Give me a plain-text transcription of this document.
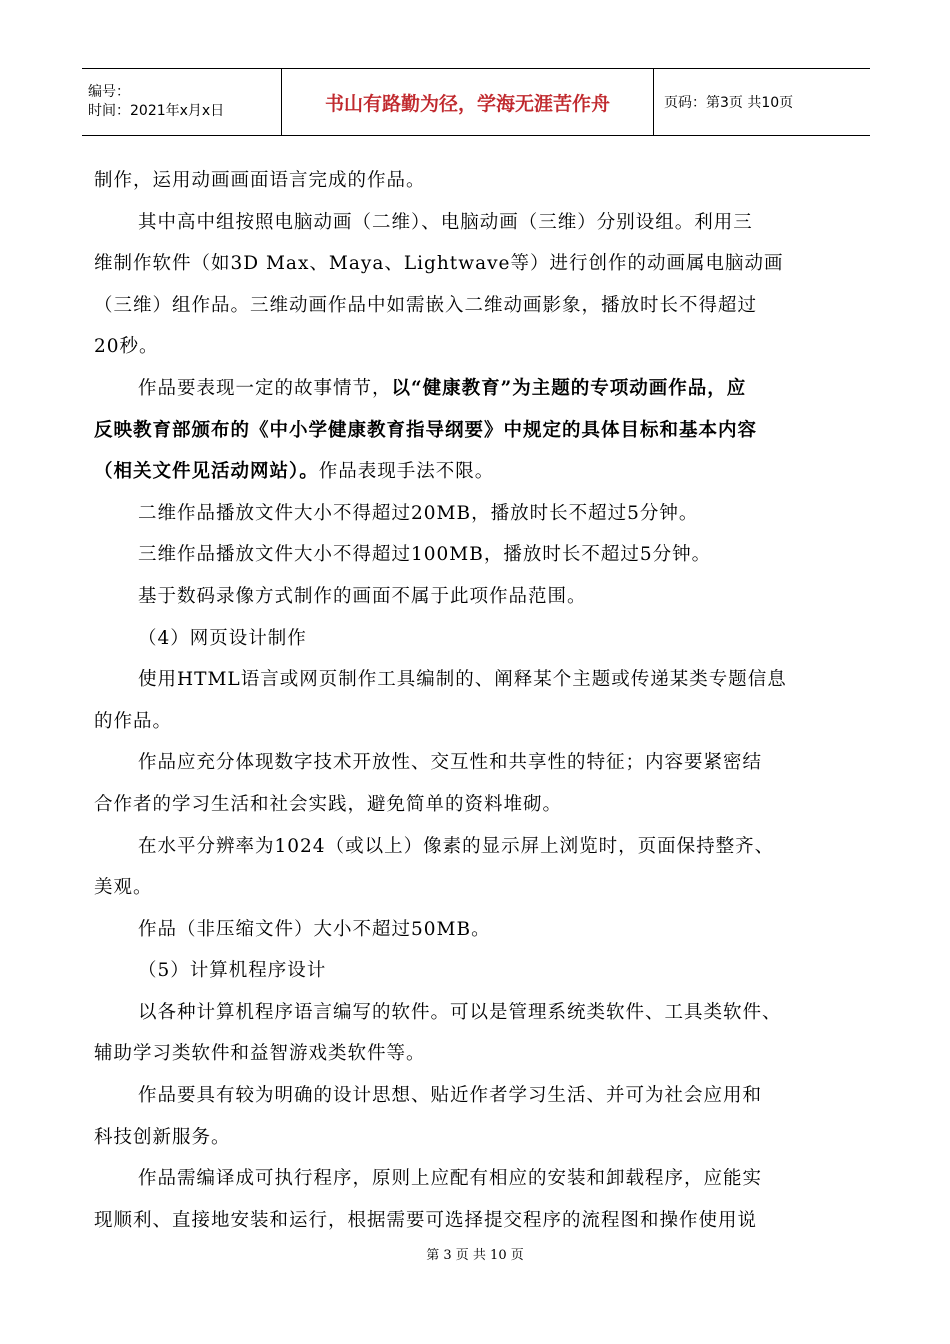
编号：
时间：2021年x月x日	书山有路勤为径，学海无涯苦作舟	页码：第3页 共10页

制作，运用动画画面语言完成的作品。

其中高中组按照电脑动画（二维）、电脑动画（三维）分别设组。利用三

维制作软件（如3D Max、Maya、Lightwave等）进行创作的动画属电脑动画

（三维）组作品。三维动画作品中如需嵌入二维动画影象，播放时长不得超过

20秒。

作品要表现一定的故事情节，以“健康教育”为主题的专项动画作品，应

反映教育部颁布的《中小学健康教育指导纲要》中规定的具体目标和基本内容

（相关文件见活动网站）。作品表现手法不限。

二维作品播放文件大小不得超过20MB，播放时长不超过5分钟。

三维作品播放文件大小不得超过100MB，播放时长不超过5分钟。

基于数码录像方式制作的画面不属于此项作品范围。

（4）网页设计制作

使用HTML语言或网页制作工具编制的、阐释某个主题或传递某类专题信息

的作品。

作品应充分体现数字技术开放性、交互性和共享性的特征；内容要紧密结

合作者的学习生活和社会实践，避免简单的资料堆砌。

在水平分辨率为1024（或以上）像素的显示屏上浏览时，页面保持整齐、

美观。

作品（非压缩文件）大小不超过50MB。

（5）计算机程序设计

以各种计算机程序语言编写的软件。可以是管理系统类软件、工具类软件、

辅助学习类软件和益智游戏类软件等。

作品要具有较为明确的设计思想、贴近作者学习生活、并可为社会应用和

科技创新服务。

作品需编译成可执行程序，原则上应配有相应的安装和卸载程序，应能实

现顺利、直接地安装和运行，根据需要可选择提交程序的流程图和操作使用说

第 3 页 共 10 页
